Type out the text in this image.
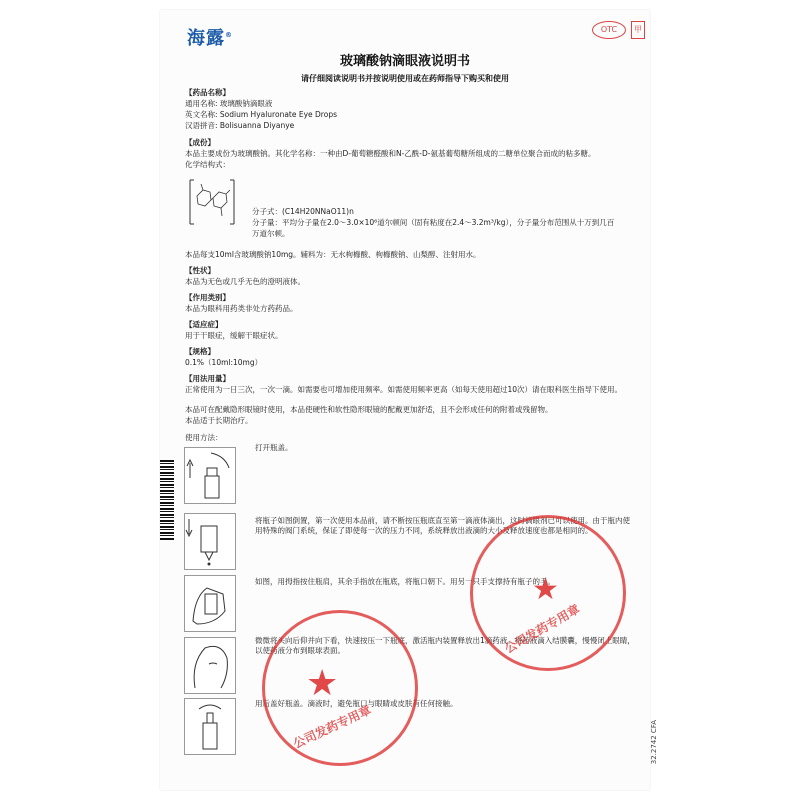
海露®
OTC	甲
玻璃酸钠滴眼液说明书
请仔细阅读说明书并按说明使用或在药师指导下购买和使用
【药品名称】
通用名称: 玻璃酸钠滴眼液
英文名称: Sodium Hyaluronate Eye Drops
汉语拼音: Bolisuanna Diyanye
【成份】
本品主要成份为玻璃酸钠。其化学名称：一种由D-葡萄糖醛酸和N-乙酰-D-氨基葡萄糖所组成的二糖单位聚合而成的粘多糖。
化学结构式：
分子式：(C14H20NNaO11)n
分子量：平均分子量在2.0～3.0×10⁶道尔顿间（固有粘度在2.4～3.2m³/kg），分子量分布范围从十万到几百
万道尔顿。
本品每支10ml含玻璃酸钠10mg。辅料为：无水枸橼酸、枸橼酸钠、山梨醇、注射用水。
【性状】
本品为无色或几乎无色的澄明液体。
【作用类别】
本品为眼科用药类非处方药药品。
【适应症】
用于干眼症，缓解干眼症状。
【规格】
0.1%（10ml:10mg）
【用法用量】
正常使用为一日三次，一次一滴。如需要也可增加使用频率。如需使用频率更高（如每天使用超过10次）请在眼科医生指导下使用。
本品可在配戴隐形眼镜时使用，本品使硬性和软性隐形眼镜的配戴更加舒适，且不会形成任何的附着或残留物。
本品适于长期治疗。
使用方法：
打开瓶盖。
将瓶子如图倒置，第一次使用本品前，请不断按压瓶底直至第一滴液体滴出，这时滴眼剂已可以使用。由于瓶内使用特殊的阀门系统，保证了即使每一次的压力不同，系统释放出液滴的大小及释放速度也都是相同的。
如图，用拇指按住瓶肩，其余手指放在瓶底，将瓶口朝下。用另一只手支撑持有瓶子的手。
微微将头向后仰并向下看，快速按压一下瓶底，激活瓶内装置释放出1滴药液。将药液滴入结膜囊，慢慢闭上眼睛，以使药液分布到眼球表面。
用后盖好瓶盖。滴液时，避免瓶口与眼睛或皮肤有任何接触。
32.2742 CFA
★
公司发药专用章
★
公司发药专用章
